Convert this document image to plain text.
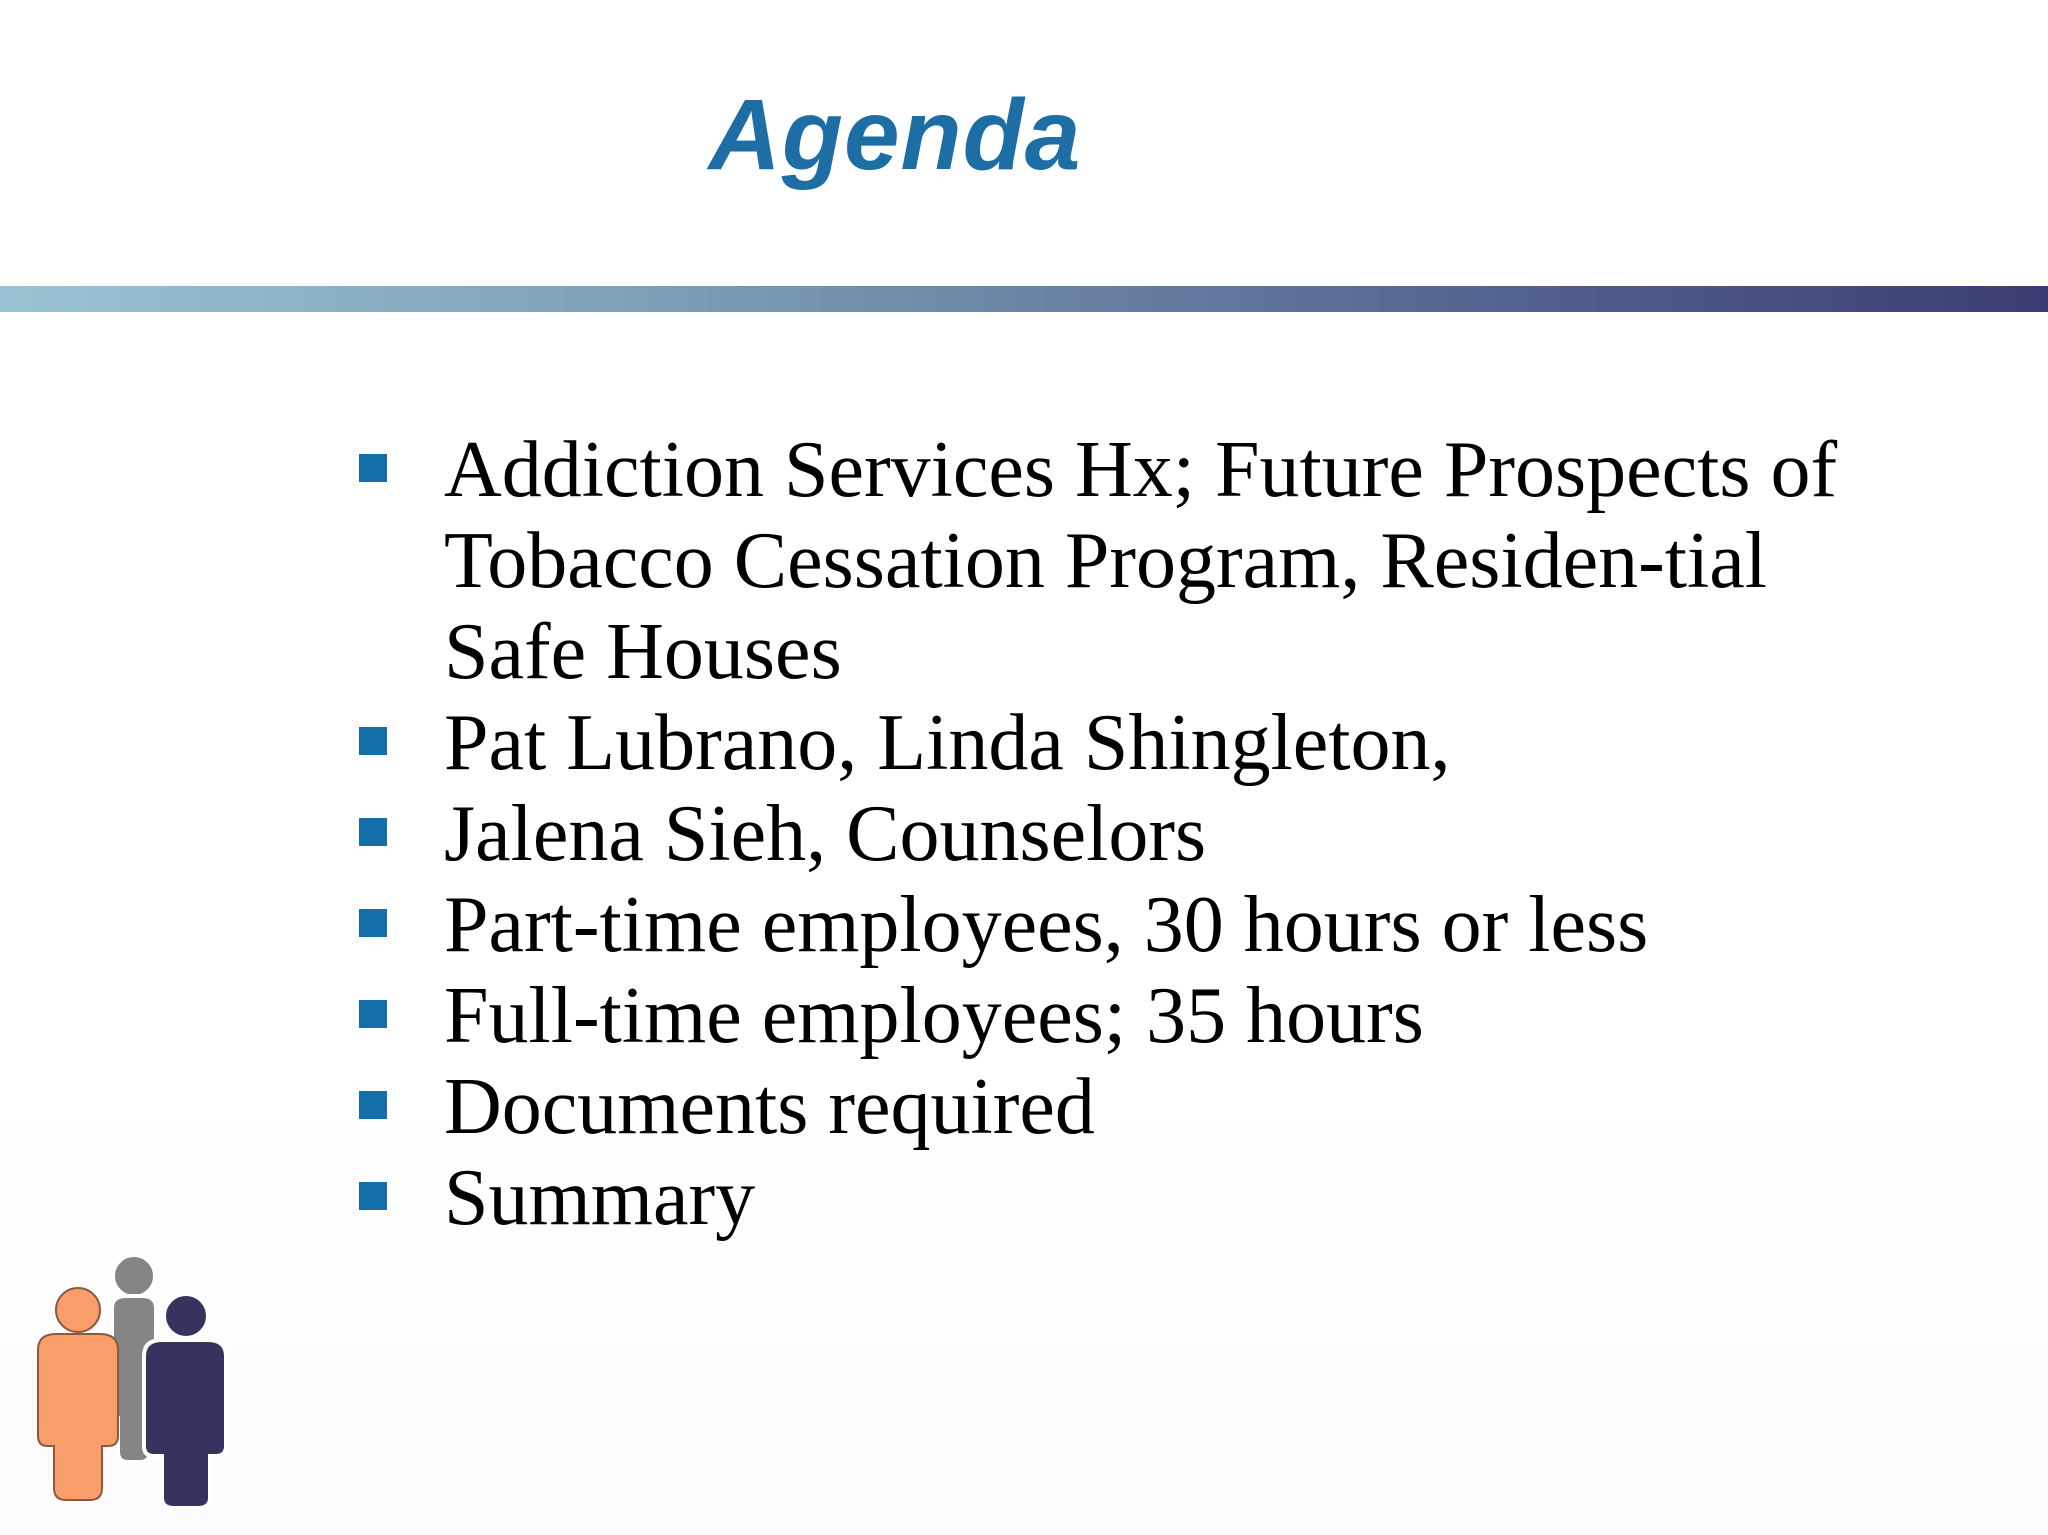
Agenda
Addiction Services Hx; Future Prospects of Tobacco Cessation Program, Residen-tial Safe Houses
Pat Lubrano, Linda Shingleton,
Jalena Sieh, Counselors
Part-time employees, 30 hours or less
Full-time employees; 35 hours
Documents required
Summary
